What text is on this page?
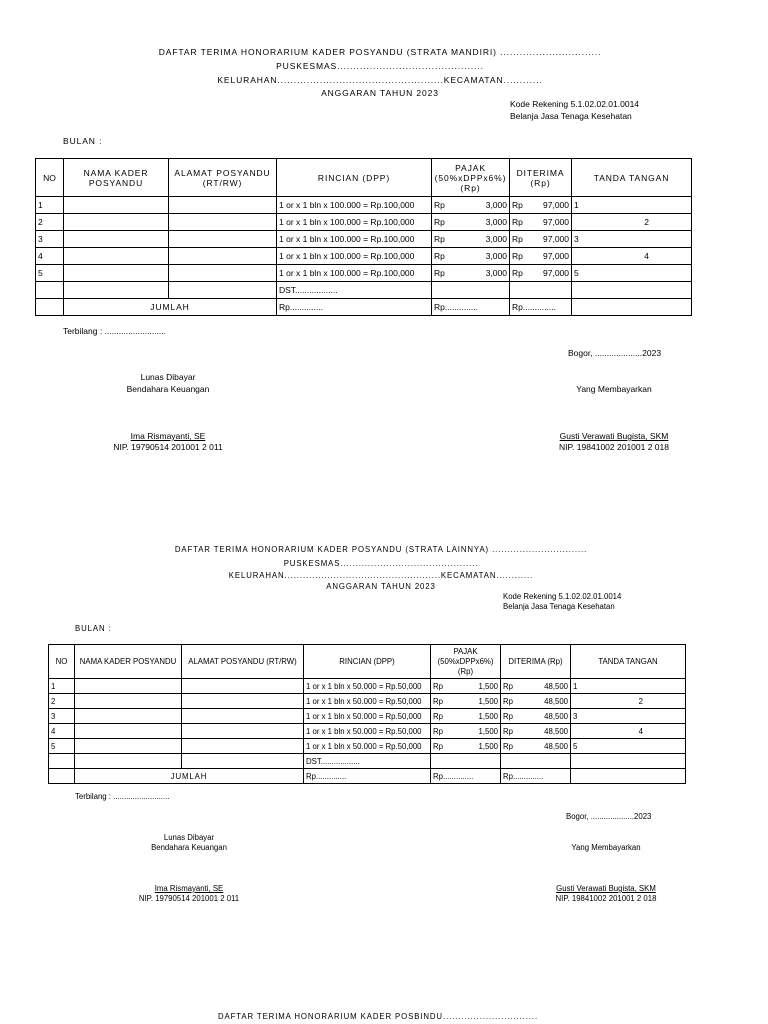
DAFTAR TERIMA HONORARIUM KADER POSYANDU (STRATA MANDIRI) ...............................
PUSKESMAS.............................................
KELURAHAN...................................................KECAMATAN............
ANGGARAN TAHUN 2023
Kode Rekening 5.1.02.02.01.0014
Belanja Jasa Tenaga Kesehatan
BULAN :
NO	NAMA KADER POSYANDU	ALAMAT POSYANDU (RT/RW)	RINCIAN (DPP)	PAJAK (50%xDPPx6%) (Rp)	DITERIMA (Rp)	TANDA TANGAN
1			1 or x 1 bln x 100.000 = Rp.100,000	Rp 3,000	Rp 97,000	1

2			1 or x 1 bln x 100.000 = Rp.100,000	Rp 3,000	Rp 97,000	2

3			1 or x 1 bln x 100.000 = Rp.100,000	Rp 3,000	Rp 97,000	3

4			1 or x 1 bln x 100.000 = Rp.100,000	Rp 3,000	Rp 97,000	4

5			1 or x 1 bln x 100.000 = Rp.100,000	Rp 3,000	Rp 97,000	5

			DST..................			
	JUMLAH		Rp..............	Rp..............	Rp..............	
Terbilang : ..........................
Bogor, ....................2023
Lunas Dibayar
Bendahara Keuangan	Yang Membayarkan
Ima Rismayanti, SE
NIP. 19790514 201001 2 011
Gusti Verawati Bugista, SKM
NIP. 19841002 201001 2 018
DAFTAR TERIMA HONORARIUM KADER POSYANDU (STRATA LAINNYA) ...............................
PUSKESMAS.............................................
KELURAHAN...................................................KECAMATAN............
ANGGARAN TAHUN 2023
Kode Rekening 5.1.02.02.01.0014
Belanja Jasa Tenaga Kesehatan
BULAN :
NO	NAMA KADER POSYANDU	ALAMAT POSYANDU (RT/RW)	RINCIAN (DPP)	PAJAK (50%xDPPx6%) (Rp)	DITERIMA (Rp)	TANDA TANGAN
1			1 or x 1 bln x 50.000 = Rp.50,000	Rp 1,500	Rp 48,500	1

2			1 or x 1 bln x 50.000 = Rp.50,000	Rp 1,500	Rp 48,500	2

3			1 or x 1 bln x 50.000 = Rp.50,000	Rp 1,500	Rp 48,500	3

4			1 or x 1 bln x 50.000 = Rp.50,000	Rp 1,500	Rp 48,500	4

5			1 or x 1 bln x 50.000 = Rp.50,000	Rp 1,500	Rp 48,500	5

			DST..................			
	JUMLAH		Rp..............	Rp..............	Rp..............	
Terbilang : ..........................
Bogor, ....................2023
Lunas Dibayar
Bendahara Keuangan	Yang Membayarkan
Ima Rismayanti, SE
NIP. 19790514 201001 2 011
Gusti Verawati Bugista, SKM
NIP. 19841002 201001 2 018
DAFTAR TERIMA HONORARIUM KADER POSBINDU...............................
